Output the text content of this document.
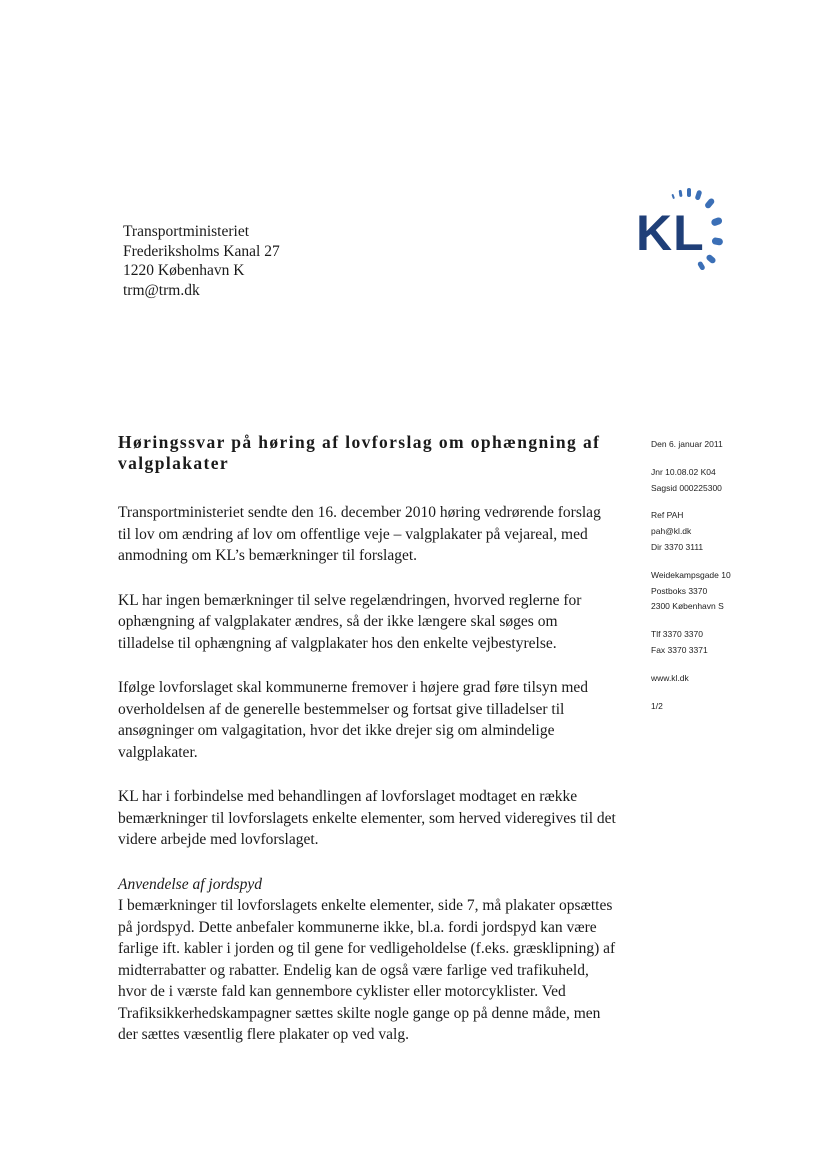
Transportministeriet
Frederiksholms Kanal 27
1220 København K
trm@trm.dk
KL
Høringssvar på høring af lovforslag om ophængning af valgplakater
Den 6. januar 2011
Jnr 10.08.02 K04
Sagsid 000225300
Ref PAH
pah@kl.dk
Dir 3370 3111
Weidekampsgade 10
Postboks 3370
2300 København S
Tlf 3370 3370
Fax 3370 3371
www.kl.dk
1/2

Transportministeriet sendte den 16. december 2010 høring vedrørende forslag til lov om ændring af lov om offentlige veje – valgplakater på vejareal, med anmodning om KL’s bemærkninger til forslaget.

KL har ingen bemærkninger til selve regelændringen, hvorved reglerne for ophængning af valgplakater ændres, så der ikke længere skal søges om tilladelse til ophængning af valgplakater hos den enkelte vejbestyrelse.

Ifølge lovforslaget skal kommunerne fremover i højere grad føre tilsyn med overholdelsen af de generelle bestemmelser og fortsat give tilladelser til ansøgninger om valgagitation, hvor det ikke drejer sig om almindelige valgplakater.

KL har i forbindelse med behandlingen af lovforslaget modtaget en række bemærkninger til lovforslagets enkelte elementer, som herved videregives til det videre arbejde med lovforslaget.

Anvendelse af jordspyd

I bemærkninger til lovforslagets enkelte elementer, side 7, må plakater opsættes på jordspyd. Dette anbefaler kommunerne ikke, bl.a. fordi jordspyd kan være farlige ift. kabler i jorden og til gene for vedligeholdelse (f.eks. græsklipning) af midterrabatter og rabatter. Endelig kan de også være farlige ved trafikuheld, hvor de i værste fald kan gennembore cyklister eller motorcyklister. Ved Trafiksikkerhedskampagner sættes skilte nogle gange op på denne måde, men der sættes væsentlig flere plakater op ved valg.
